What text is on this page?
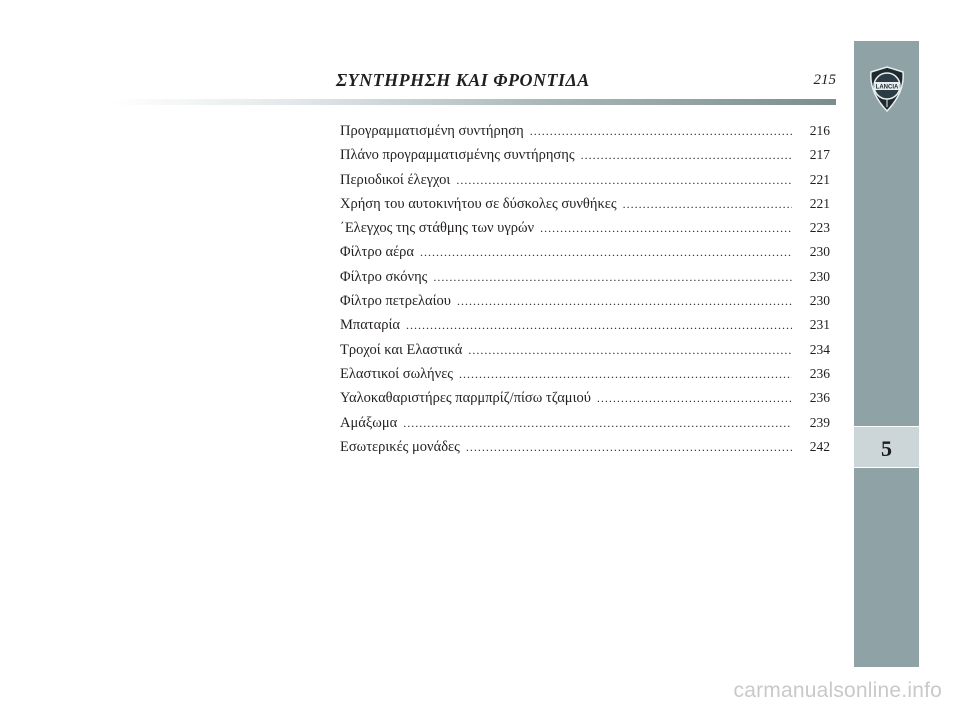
LANCIA
5
ΣΥΝΤΗΡΗΣΗ ΚΑΙ ΦΡΟΝΤΙΔΑ	215
Προγραμματισμένη συντήρηση .....	216
Πλάνο προγραμματισμένης συντήρησης .....	217
Περιοδικοί έλεγχοι .....	221
Χρήση του αυτοκινήτου σε δύσκολες συνθήκες .....	221
΄Ελεγχος της στάθμης των υγρών .....	223
Φίλτρο αέρα .....	230
Φίλτρο σκόνης .....	230
Φίλτρο πετρελαίου .....	230
Μπαταρία .....	231
Τροχοί και Ελαστικά .....	234
Ελαστικοί σωλήνες .....	236
Υαλοκαθαριστήρες παρμπρίζ/πίσω τζαμιού .....	236
Αμάξωμα .....	239
Εσωτερικές μονάδες .....	242
carmanualsonline.info
